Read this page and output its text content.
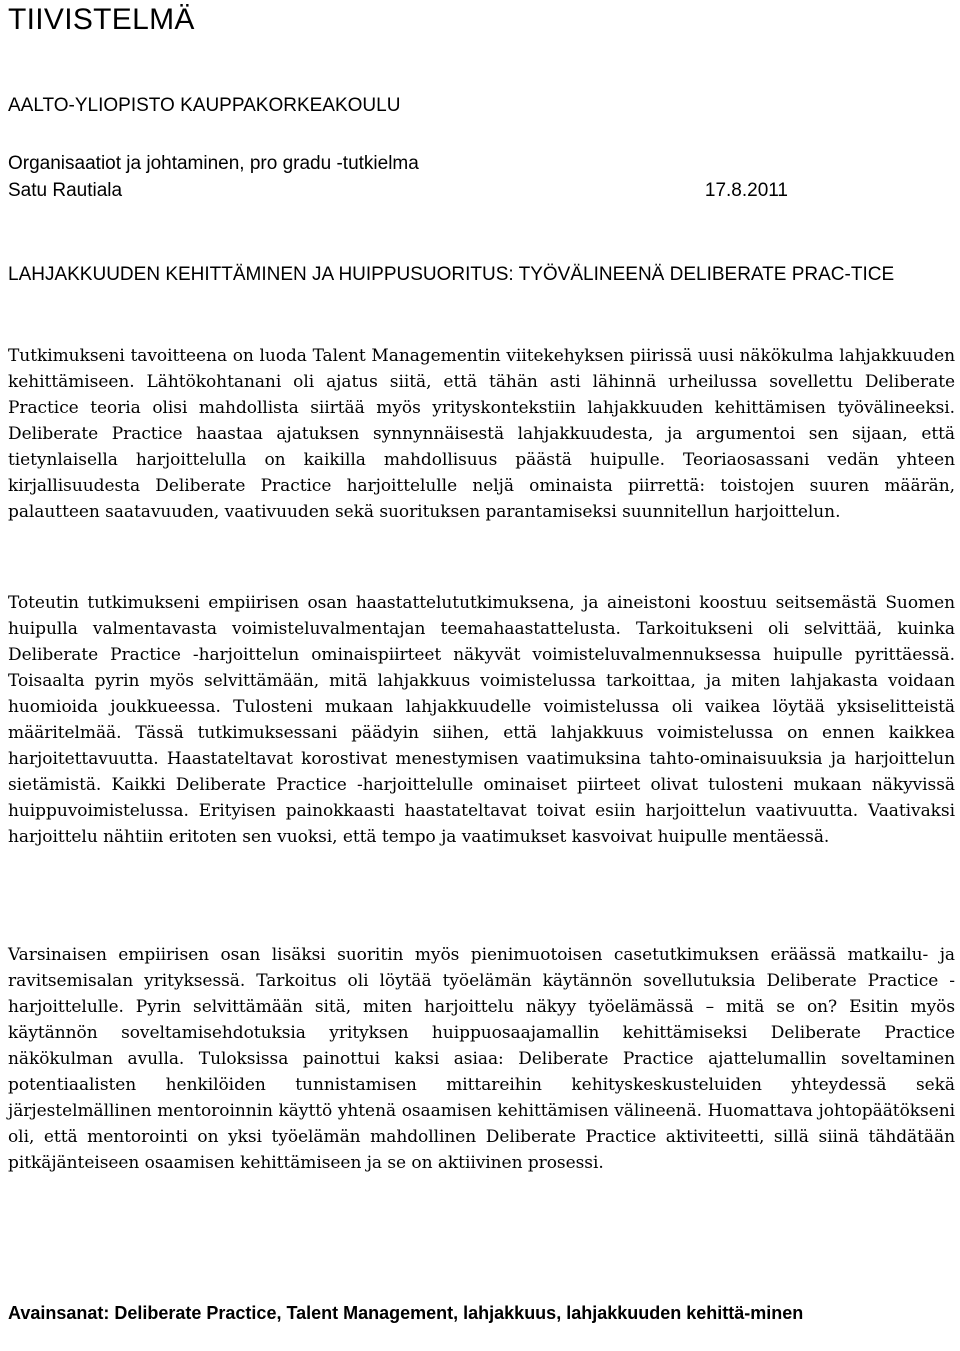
TIIVISTELMÄ

AALTO-YLIOPISTO KAUPPAKORKEAKOULU

Organisaatiot ja johtaminen, pro gradu -tutkielma

Satu Rautiala	17.8.2011

LAHJAKKUUDEN KEHITTÄMINEN JA HUIPPUSUORITUS: TYÖVÄLINEENÄ DELIBERATE PRAC-TICE

Tutkimukseni tavoitteena on luoda Talent Managementin viitekehyksen piirissä uusi näkökulma lahjakkuuden kehittämiseen. Lähtökohtanani oli ajatus siitä, että tähän asti lähinnä urheilussa sovellettu Deliberate Practice teoria olisi mahdollista siirtää myös yrityskontekstiin lahjakkuuden kehittämisen työvälineeksi. Deliberate Practice haastaa ajatuksen synnynnäisestä lahjakkuudesta, ja argumentoi sen sijaan, että tietynlaisella harjoittelulla on kaikilla mahdollisuus päästä huipulle. Teoriaosassani vedän yhteen kirjallisuudesta Deliberate Practice harjoittelulle neljä ominaista piirrettä: toistojen suuren määrän, palautteen saatavuuden, vaativuuden sekä suorituksen parantamiseksi suunnitellun harjoittelun.

Toteutin tutkimukseni empiirisen osan haastattelututkimuksena, ja aineistoni koostuu seitsemästä Suomen huipulla valmentavasta voimisteluvalmentajan teemahaastattelusta. Tarkoitukseni oli selvittää, kuinka Deliberate Practice -harjoittelun ominaispiirteet näkyvät voimisteluvalmennuksessa huipulle pyrittäessä. Toisaalta pyrin myös selvittämään, mitä lahjakkuus voimistelussa tarkoittaa, ja miten lahjakasta voidaan huomioida joukkueessa. Tulosteni mukaan lahjakkuudelle voimistelussa oli vaikea löytää yksiselitteistä määritelmää. Tässä tutkimuksessani päädyin siihen, että lahjakkuus voimistelussa on ennen kaikkea harjoitettavuutta. Haastateltavat korostivat menestymisen vaatimuksina tahto-ominaisuuksia ja harjoittelun sietämistä. Kaikki Deliberate Practice -harjoittelulle ominaiset piirteet olivat tulosteni mukaan näkyvissä huippuvoimistelussa. Erityisen painokkaasti haastateltavat toivat esiin harjoittelun vaativuutta. Vaativaksi harjoittelu nähtiin eritoten sen vuoksi, että tempo ja vaatimukset kasvoivat huipulle mentäessä.

Varsinaisen empiirisen osan lisäksi suoritin myös pienimuotoisen casetutkimuksen eräässä matkailu- ja ravitsemisalan yrityksessä. Tarkoitus oli löytää työelämän käytännön sovellutuksia Deliberate Practice -harjoittelulle. Pyrin selvittämään sitä, miten harjoittelu näkyy työelämässä – mitä se on? Esitin myös käytännön soveltamisehdotuksia yrityksen huippuosaajamallin kehittämiseksi Deliberate Practice näkökulman avulla. Tuloksissa painottui kaksi asiaa: Deliberate Practice ajattelumallin soveltaminen potentiaalisten henkilöiden tunnistamisen mittareihin kehityskeskusteluiden yhteydessä sekä järjestelmällinen mentoroinnin käyttö yhtenä osaamisen kehittämisen välineenä. Huomattava johtopäätökseni oli, että mentorointi on yksi työelämän mahdollinen Deliberate Practice aktiviteetti, sillä siinä tähdätään pitkäjänteiseen osaamisen kehittämiseen ja se on aktiivinen prosessi.

Avainsanat: Deliberate Practice, Talent Management, lahjakkuus, lahjakkuuden kehittä-minen
